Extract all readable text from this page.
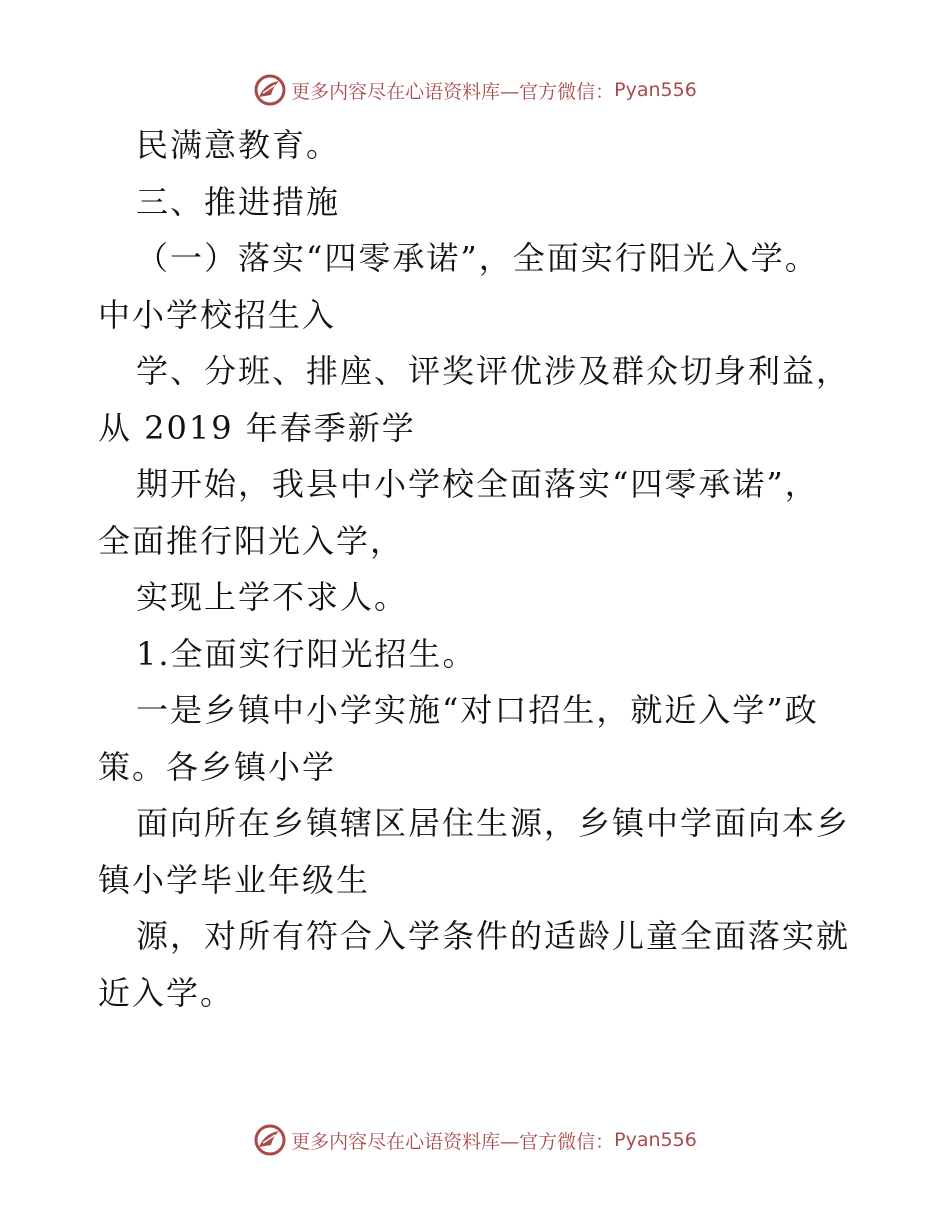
更多内容尽在心语资料库—官方微信： Pyan556
民满意教育。
三、推进措施
（一）落实“四零承诺”，全面实行阳光入学。
中小学校招生入
学、分班、排座、评奖评优涉及群众切身利益，
从 2019 年春季新学
期开始，我县中小学校全面落实“四零承诺”，
全面推行阳光入学，
实现上学不求人。
1.全面实行阳光招生。
一是乡镇中小学实施“对口招生，就近入学”政
策。各乡镇小学
面向所在乡镇辖区居住生源，乡镇中学面向本乡
镇小学毕业年级生
源，对所有符合入学条件的适龄儿童全面落实就
近入学。
更多内容尽在心语资料库—官方微信： Pyan556
